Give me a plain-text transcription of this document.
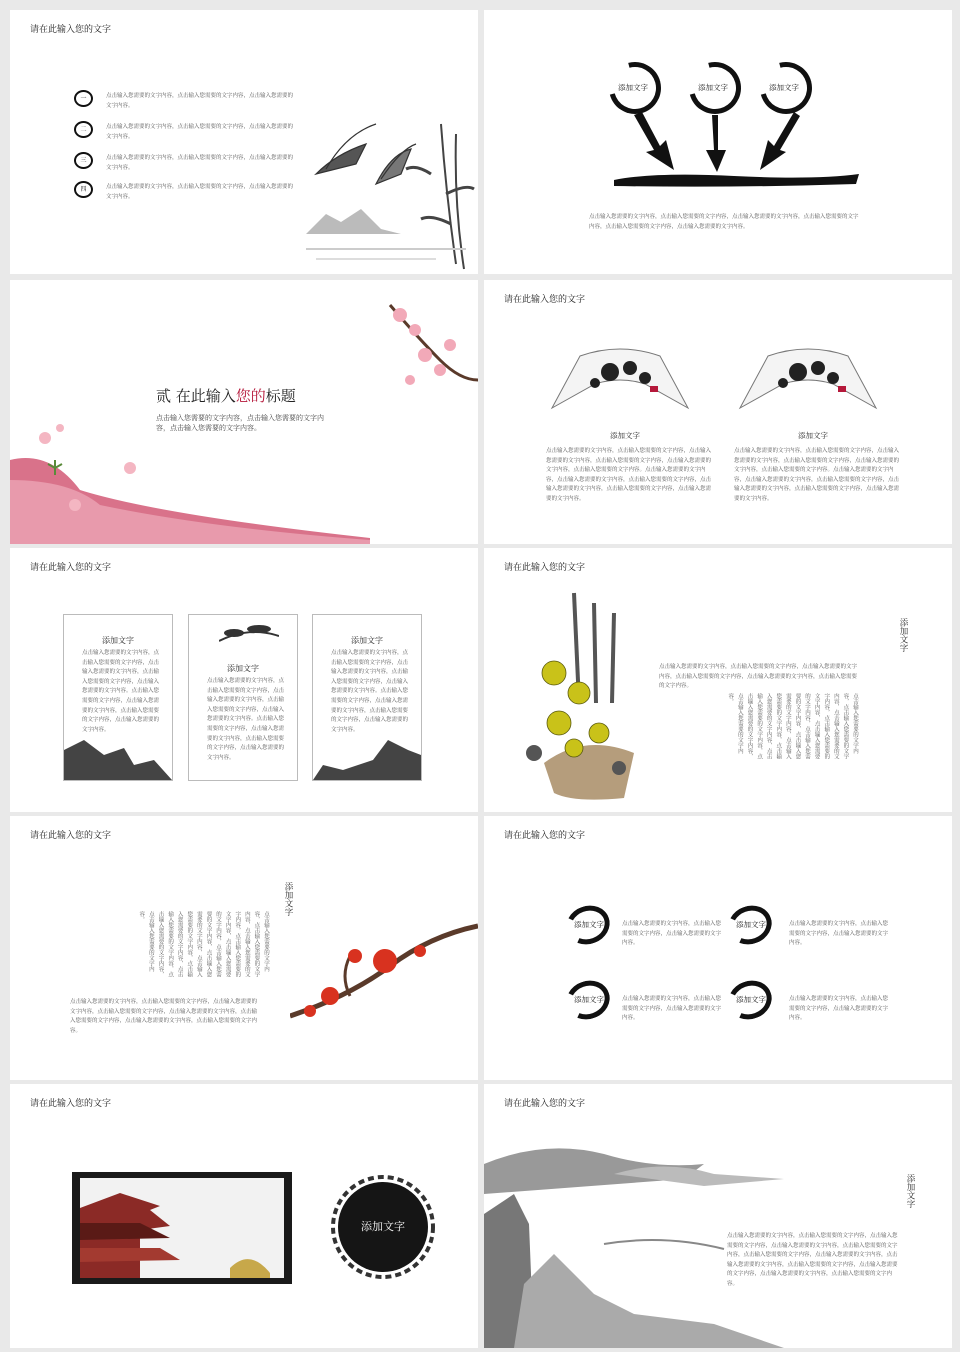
请在此输入您的文字
一	点击输入您需要的文字内容，点击输入您需要的文字内容，点击输入您需要的文字内容。
二	点击输入您需要的文字内容，点击输入您需要的文字内容，点击输入您需要的文字内容。
三	点击输入您需要的文字内容，点击输入您需要的文字内容，点击输入您需要的文字内容。
四	点击输入您需要的文字内容，点击输入您需要的文字内容，点击输入您需要的文字内容。
添加文字	添加文字	添加文字
点击输入您需要的文字内容，点击输入您需要的文字内容，点击输入您需要的文字内容，点击输入您需要的文字内容，点击输入您需要的文字内容，点击输入您需要的文字内容。
贰 在此输入您的标题
点击输入您需要的文字内容，点击输入您需要的文字内容，点击输入您需要的文字内容。
请在此输入您的文字
添加文字
点击输入您需要的文字内容，点击输入您需要的文字内容，点击输入您需要的文字内容，点击输入您需要的文字内容，点击输入您需要的文字内容，点击输入您需要的文字内容。点击输入您需要的文字内容，点击输入您需要的文字内容，点击输入您需要的文字内容，点击输入您需要的文字内容，点击输入您需要的文字内容，点击输入您需要的文字内容。
添加文字
点击输入您需要的文字内容，点击输入您需要的文字内容，点击输入您需要的文字内容，点击输入您需要的文字内容，点击输入您需要的文字内容，点击输入您需要的文字内容。点击输入您需要的文字内容，点击输入您需要的文字内容，点击输入您需要的文字内容，点击输入您需要的文字内容，点击输入您需要的文字内容，点击输入您需要的文字内容。
请在此输入您的文字
添加文字
点击输入您需要的文字内容，点击输入您需要的文字内容，点击输入您需要的文字内容，点击输入您需要的文字内容，点击输入您需要的文字内容。点击输入您需要的文字内容，点击输入您需要的文字内容，点击输入您需要的文字内容，点击输入您需要的文字内容。
添加文字
点击输入您需要的文字内容，点击输入您需要的文字内容，点击输入您需要的文字内容，点击输入您需要的文字内容，点击输入您需要的文字内容。点击输入您需要的文字内容，点击输入您需要的文字内容，点击输入您需要的文字内容，点击输入您需要的文字内容。
添加文字
点击输入您需要的文字内容，点击输入您需要的文字内容，点击输入您需要的文字内容，点击输入您需要的文字内容，点击输入您需要的文字内容。点击输入您需要的文字内容，点击输入您需要的文字内容，点击输入您需要的文字内容，点击输入您需要的文字内容。
请在此输入您的文字
点击输入您需要的文字内容，点击输入您需要的文字内容，点击输入您需要的文字内容，点击输入您需要的文字内容，点击输入您需要的文字内容，点击输入您需要的文字内容。
点击输入您需要的文字内容，点击输入您需要的文字内容，点击输入您需要的文字内容，点击输入您需要的文字内容，点击输入您需要的文字内容，点击输入您需要的文字内容，点击输入您需要的文字内容，点击输入您需要的文字内容，点击输入您需要的文字内容，点击输入您需要的文字内容，点击输入您需要的文字内容，点击输入您需要的文字内容。
添加文字
请在此输入您的文字
点击输入您需要的文字内容，点击输入您需要的文字内容，点击输入您需要的文字内容，点击输入您需要的文字内容，点击输入您需要的文字内容，点击输入您需要的文字内容，点击输入您需要的文字内容，点击输入您需要的文字内容，点击输入您需要的文字内容，点击输入您需要的文字内容，点击输入您需要的文字内容，点击输入您需要的文字内容。
添加文字
点击输入您需要的文字内容，点击输入您需要的文字内容，点击输入您需要的文字内容，点击输入您需要的文字内容，点击输入您需要的文字内容，点击输入您需要的文字内容，点击输入您需要的文字内容，点击输入您需要的文字内容。
请在此输入您的文字
添加文字	点击输入您需要的文字内容，点击输入您需要的文字内容，点击输入您需要的文字内容。
添加文字	点击输入您需要的文字内容，点击输入您需要的文字内容，点击输入您需要的文字内容。
添加文字	点击输入您需要的文字内容，点击输入您需要的文字内容，点击输入您需要的文字内容。
添加文字	点击输入您需要的文字内容，点击输入您需要的文字内容，点击输入您需要的文字内容。
请在此输入您的文字
添加文字
请在此输入您的文字
点击输入您需要的文字内容，点击输入您需要的文字内容，点击输入您需要的文字内容，点击输入您需要的文字内容，点击输入您需要的文字内容，点击输入您需要的文字内容，点击输入您需要的文字内容，点击输入您需要的文字内容，点击输入您需要的文字内容，点击输入您需要的文字内容，点击输入您需要的文字内容，点击输入您需要的文字内容。
添加文字
